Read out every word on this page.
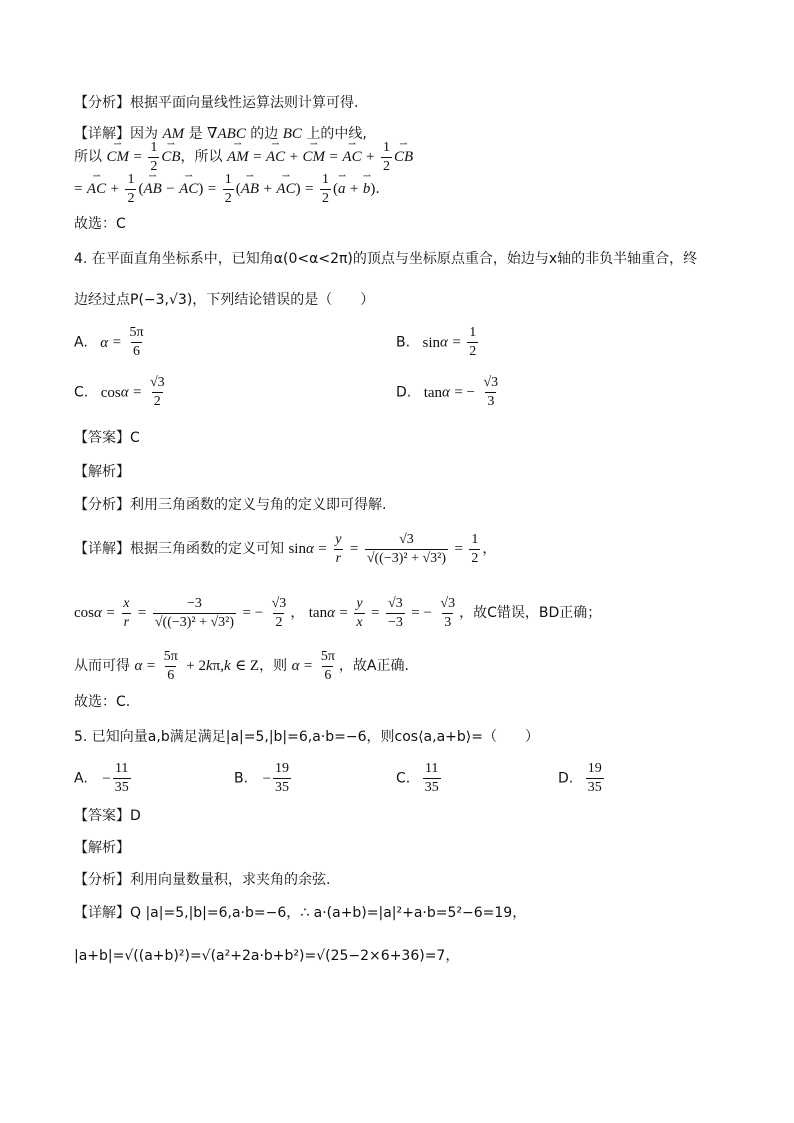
【分析】根据平面向量线性运算法则计算可得.
【详解】因为 AM 是 ∇ABC 的边 BC 上的中线,
所以 ⇀ CM = $\frac{1}{2}$ ⇀ CB，所以 ⇀ AM = ⇀ AC + ⇀ CM = ⇀ AC + $\frac{1}{2}$ ⇀ CB
= ⇀ AC + $\frac{1}{2}$ (⇀ AB − ⇀ $AC) = \frac{1}{2}$ (⇀ AB + ⇀ $AC) = \frac{1}{2}$ (⇀ a + ⇀ b).
故选：C
4. 在平面直角坐标系中，已知角α(0<α<2π)的顶点与坐标原点重合，始边与x轴的非负半轴重合，终
边经过点P(−3,√3)，下列结论错误的是（　　）
A. $\alpha = \frac{5\pi}{6}$	B. $\sin\alpha = \frac{1}{2}$
C. $\cos\alpha = \frac{√3}{2}$	D. tanα = − $\frac{√3}{3}$
【答案】C
【解析】
【分析】利用三角函数的定义与角的定义即可得解.
【详解】根据三角函数的定义可知 $\sin\alpha = \frac{y}{r} = \frac{√3}{\text{√((−3)² + √3²)}} = \frac{1}{2}$ ，
$\cos\alpha = \frac{x}{r} = \frac{-3}{\text{√((−3)² + √3²)}}$ = − $\frac{√3}{2}$ ， $\tan\alpha = \frac{y}{x} = \frac{√3}{-3}$ = − $\frac{√3}{3}$ ，故C错误，BD正确；
从而可得 $\alpha = \frac{5\pi}{6} + 2k\pi,k$ ∈ Z，则 $\alpha = \frac{5\pi}{6}$ ，故A正确.
故选：C.
5. 已知向量a,b满足满足|a|=5,|b|=6,a·b=−6，则cos⟨a,a+b⟩=（　　）
A. − $\frac{11}{35}$	B. − $\frac{19}{35}$	C. $\frac{11}{35}$	D. $\frac{19}{35}$
【答案】D
【解析】
【分析】利用向量数量积，求夹角的余弦.
【详解】Q |a|=5,|b|=6,a·b=−6，∴ a·(a+b)=|a|²+a·b=5²−6=19，
|a+b|=√((a+b)²)=√(a²+2a·b+b²)=√(25−2×6+36)=7，
